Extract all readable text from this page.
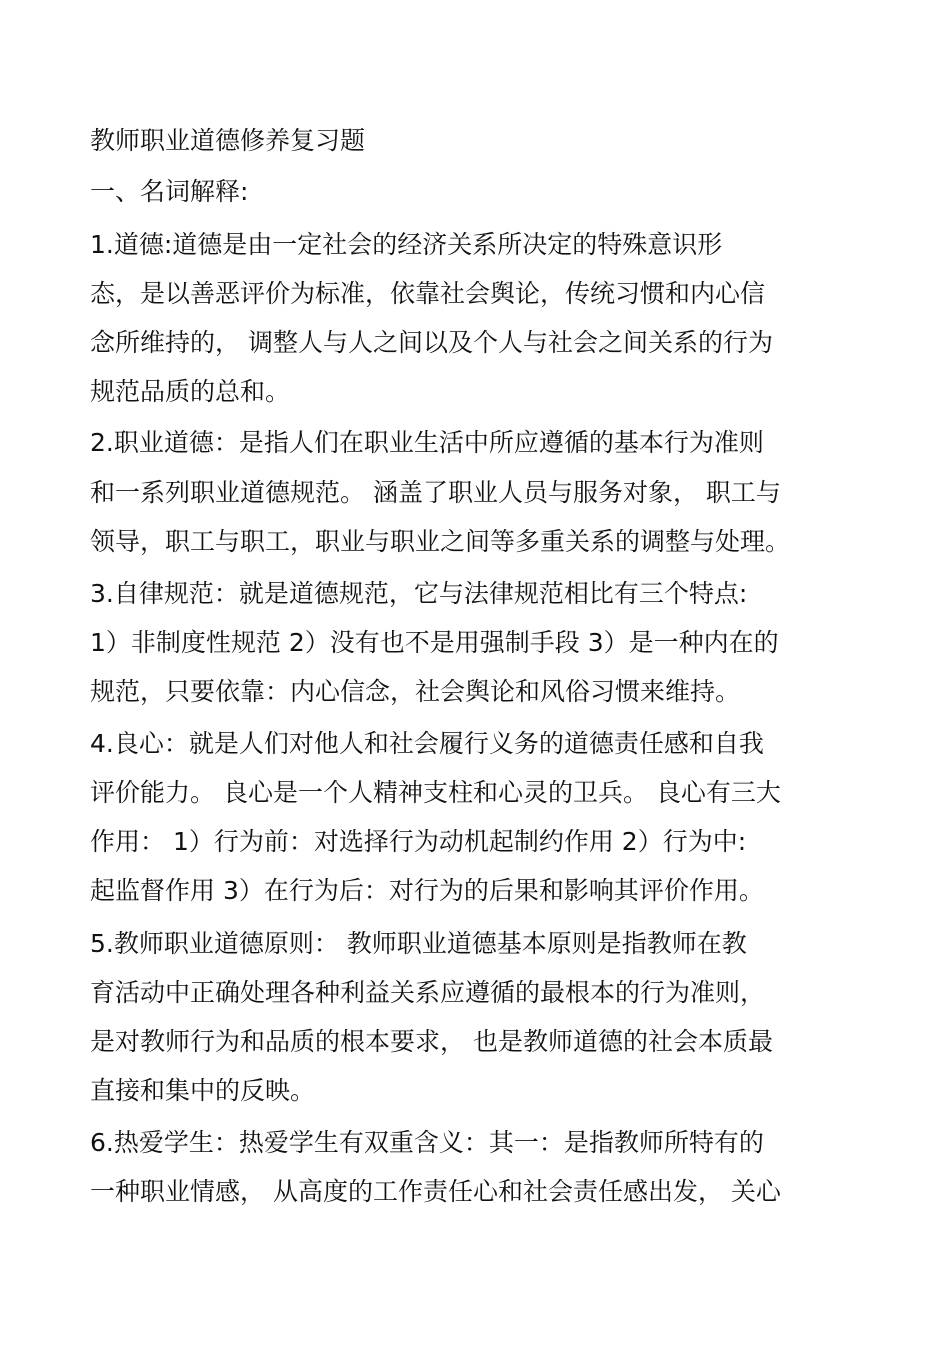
教师职业道德修养复习题
一、名词解释:
1.道德:道德是由一定社会的经济关系所决定的特殊意识形
态，是以善恶评价为标准，依靠社会舆论，传统习惯和内心信
念所维持的， 调整人与人之间以及个人与社会之间关系的行为
规范品质的总和。
2.职业道德：是指人们在职业生活中所应遵循的基本行为准则
和一系列职业道德规范。 涵盖了职业人员与服务对象， 职工与
领导，职工与职工，职业与职业之间等多重关系的调整与处理。
3.自律规范：就是道德规范，它与法律规范相比有三个特点:
1）非制度性规范 2）没有也不是用强制手段 3）是一种内在的
规范，只要依靠：内心信念，社会舆论和风俗习惯来维持。
4.良心：就是人们对他人和社会履行义务的道德责任感和自我
评价能力。 良心是一个人精神支柱和心灵的卫兵。 良心有三大
作用： 1）行为前：对选择行为动机起制约作用 2）行为中:
起监督作用 3）在行为后：对行为的后果和影响其评价作用。
5.教师职业道德原则： 教师职业道德基本原则是指教师在教
育活动中正确处理各种利益关系应遵循的最根本的行为准则，
是对教师行为和品质的根本要求， 也是教师道德的社会本质最
直接和集中的反映。
6.热爱学生：热爱学生有双重含义：其一：是指教师所特有的
一种职业情感， 从高度的工作责任心和社会责任感出发， 关心
